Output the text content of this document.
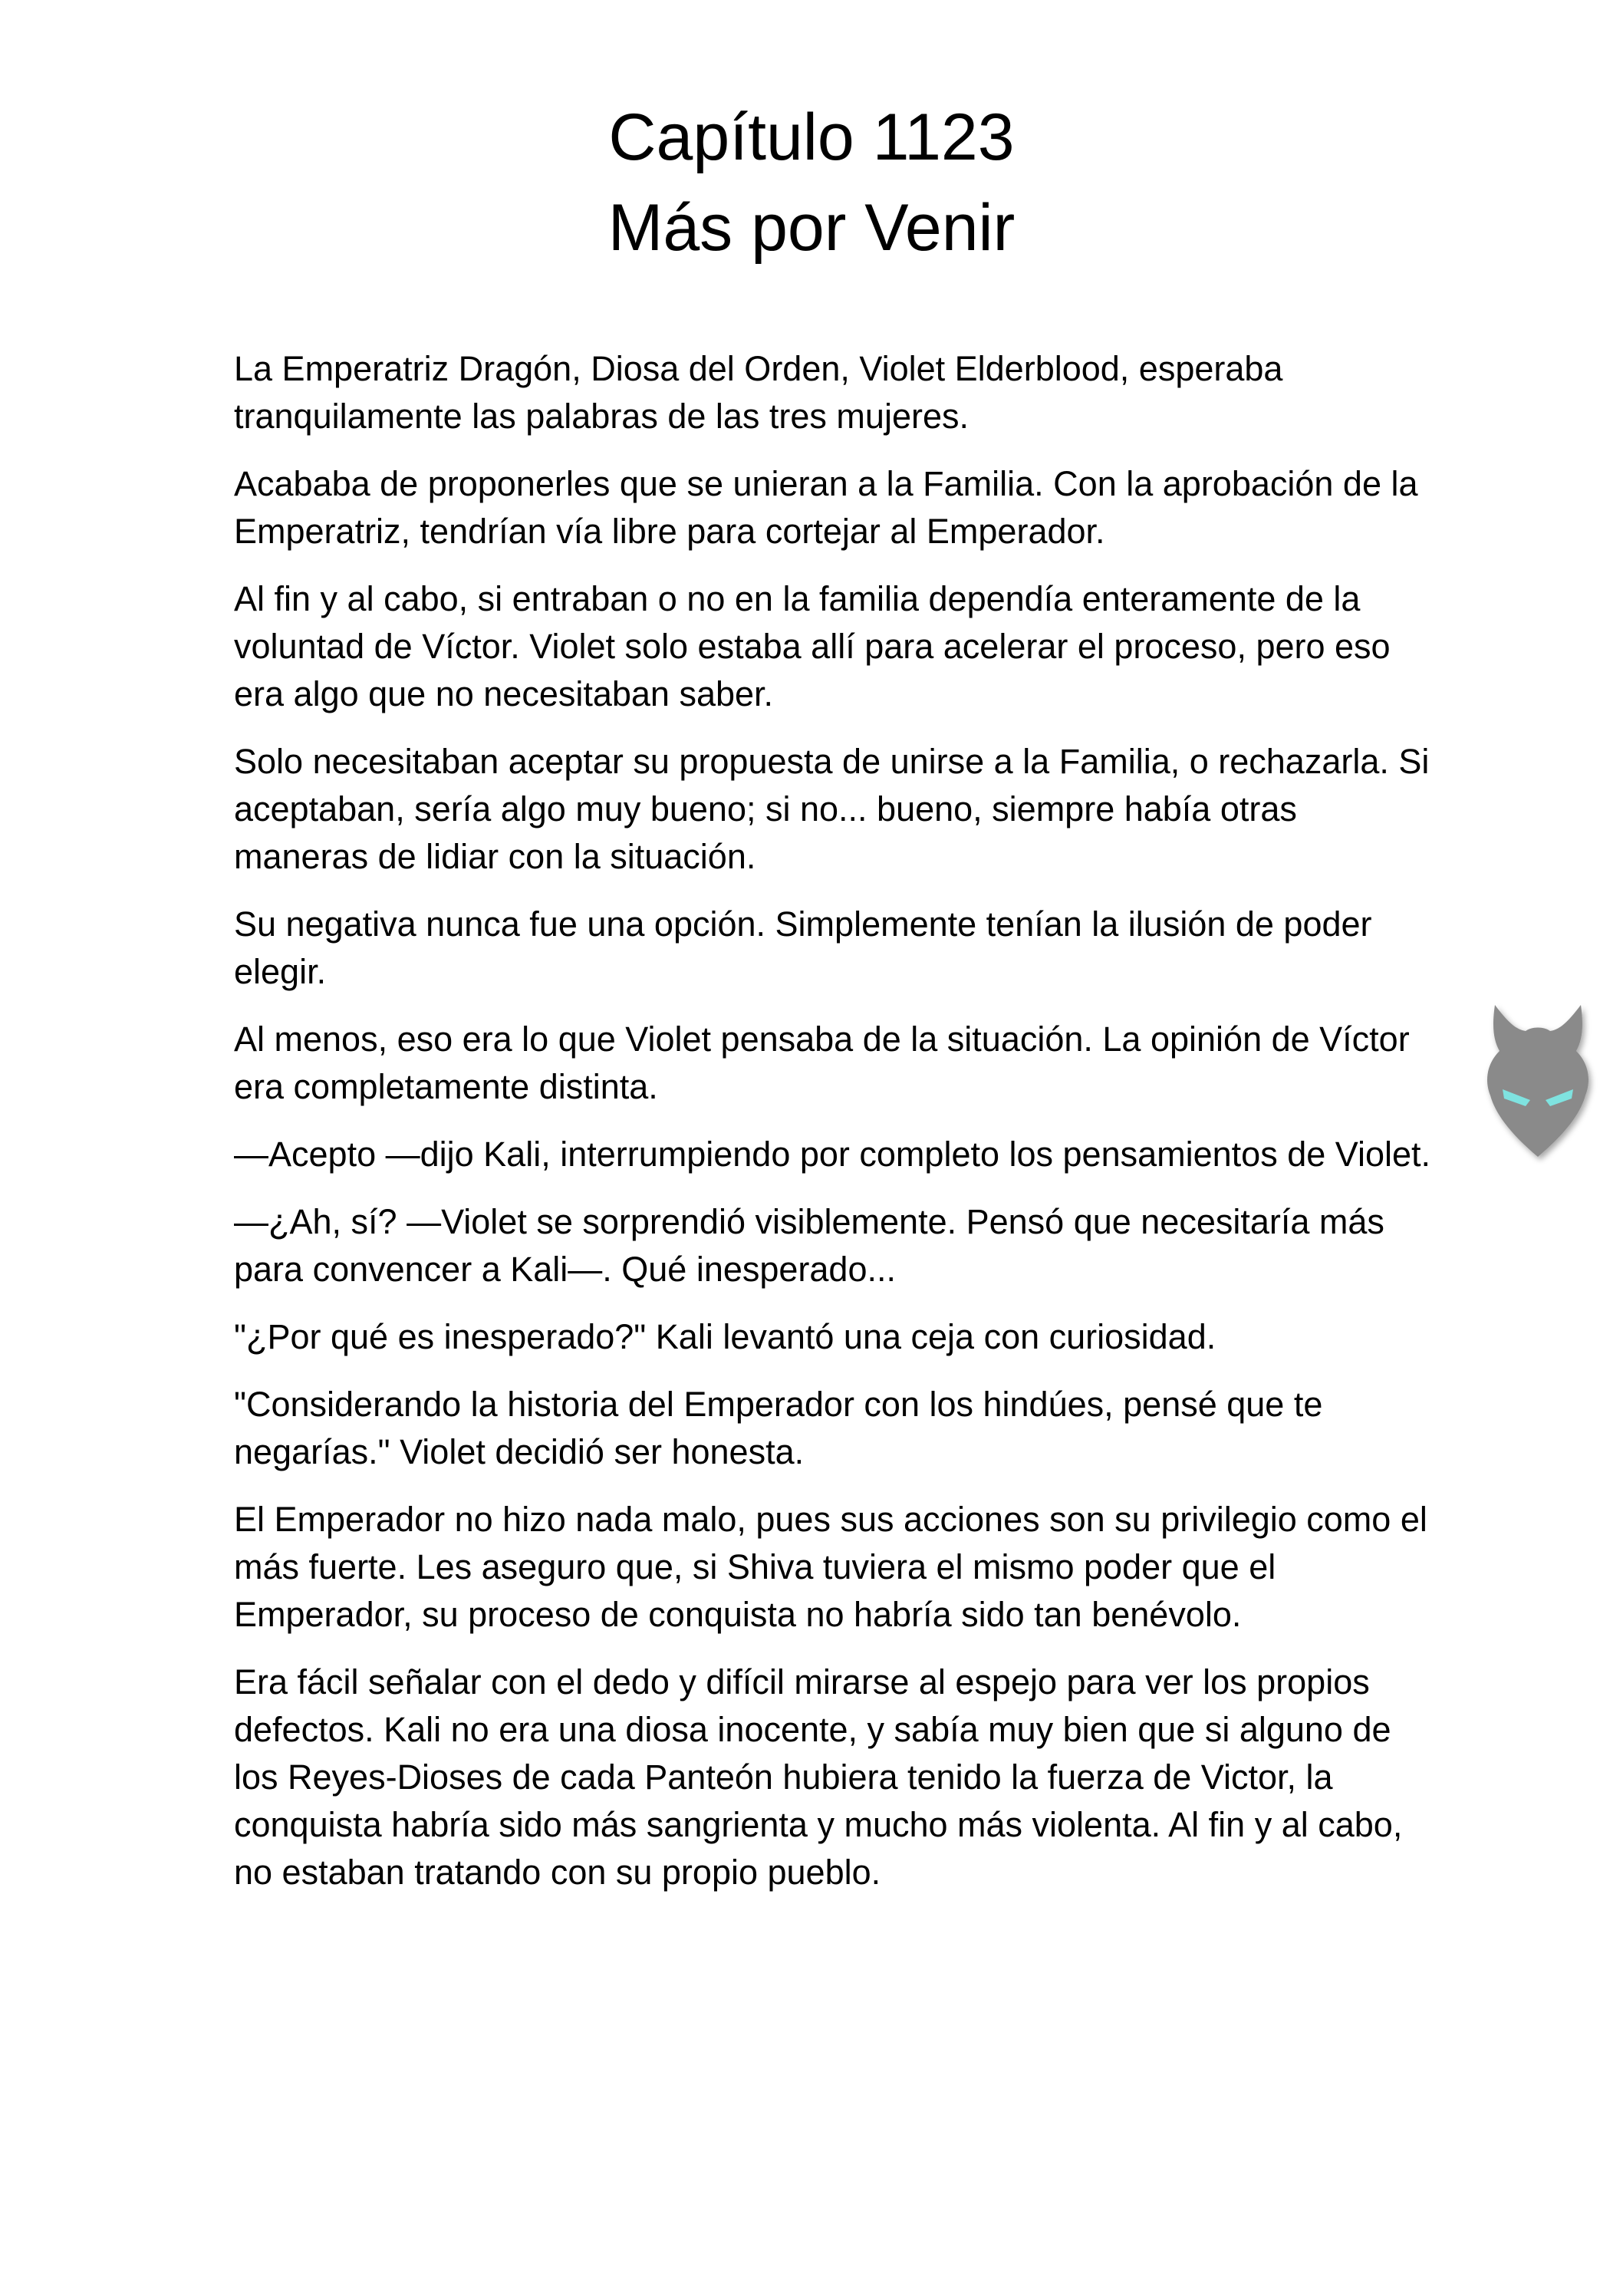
Capítulo 1123
Más por Venir

La Emperatriz Dragón, Diosa del Orden, Violet Elderblood, esperaba tranquilamente las palabras de las tres mujeres.

Acababa de proponerles que se unieran a la Familia. Con la aprobación de la Emperatriz, tendrían vía libre para cortejar al Emperador.

Al fin y al cabo, si entraban o no en la familia dependía enteramente de la voluntad de Víctor. Violet solo estaba allí para acelerar el proceso, pero eso era algo que no necesitaban saber.

Solo necesitaban aceptar su propuesta de unirse a la Familia, o rechazarla. Si aceptaban, sería algo muy bueno; si no... bueno, siempre había otras maneras de lidiar con la situación.

Su negativa nunca fue una opción. Simplemente tenían la ilusión de poder elegir.

Al menos, eso era lo que Violet pensaba de la situación. La opinión de Víctor era completamente distinta.

—Acepto —dijo Kali, interrumpiendo por completo los pensamientos de Violet.

—¿Ah, sí? —Violet se sorprendió visiblemente. Pensó que necesitaría más para convencer a Kali—. Qué inesperado...

"¿Por qué es inesperado?" Kali levantó una ceja con curiosidad.

"Considerando la historia del Emperador con los hindúes, pensé que te negarías." Violet decidió ser honesta.

El Emperador no hizo nada malo, pues sus acciones son su privilegio como el más fuerte. Les aseguro que, si Shiva tuviera el mismo poder que el Emperador, su proceso de conquista no habría sido tan benévolo.

Era fácil señalar con el dedo y difícil mirarse al espejo para ver los propios defectos. Kali no era una diosa inocente, y sabía muy bien que si alguno de los Reyes-Dioses de cada Panteón hubiera tenido la fuerza de Victor, la conquista habría sido más sangrienta y mucho más violenta. Al fin y al cabo, no estaban tratando con su propio pueblo.
